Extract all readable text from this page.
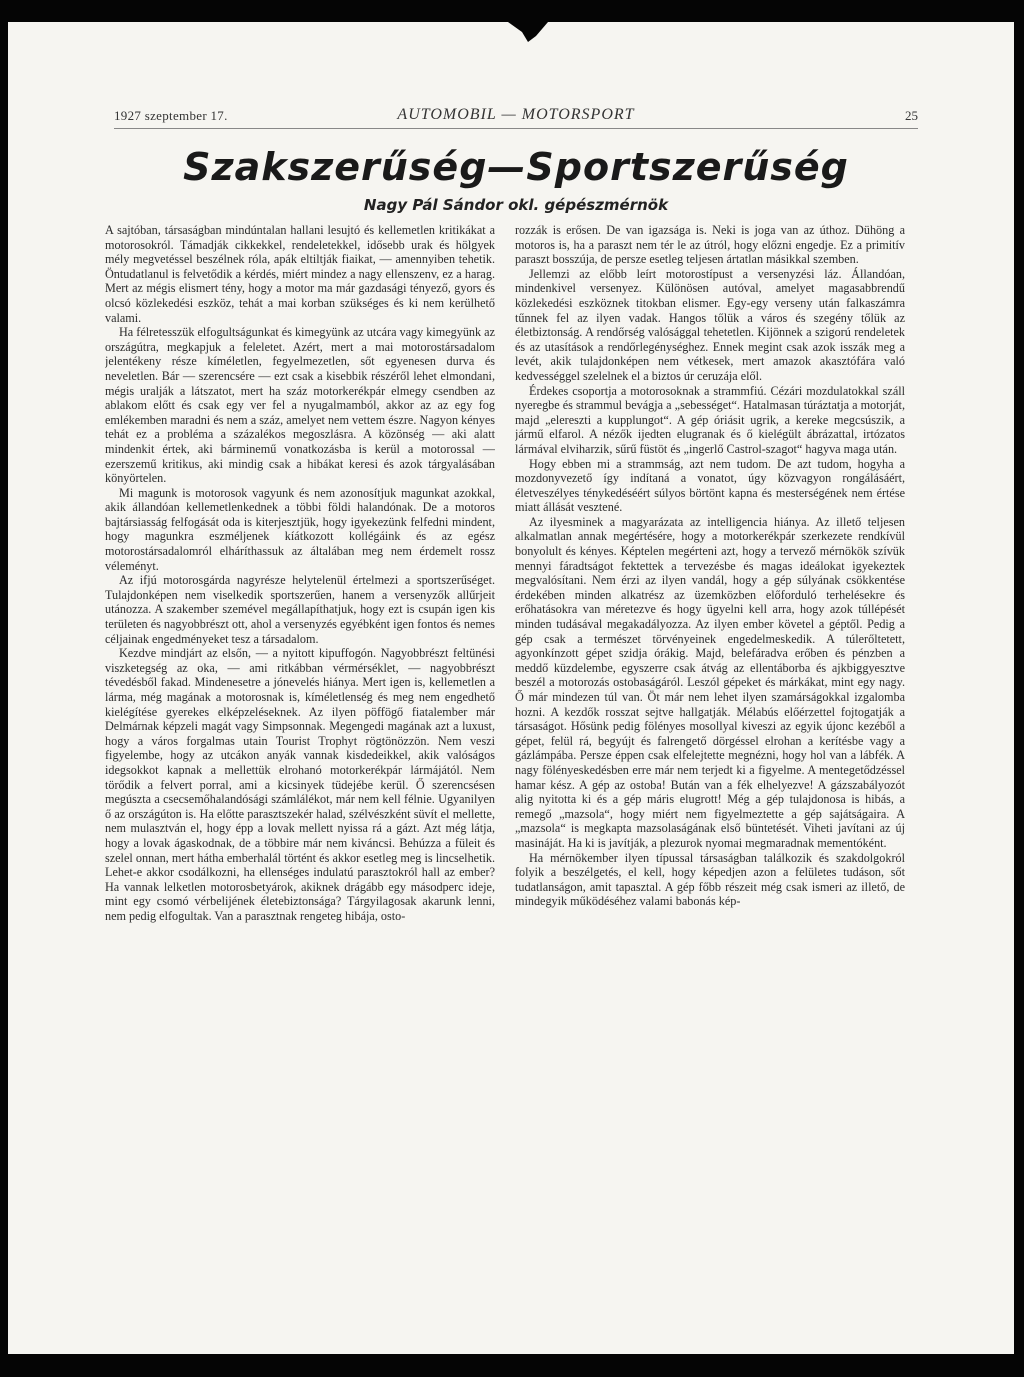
1927 szeptember 17.	AUTOMOBIL — MOTORSPORT	25
Szakszerűség—Sportszerűség
Nagy Pál Sándor okl. gépészmérnök

A sajtóban, társaságban mindúntalan hallani lesujtó és kellemetlen kritikákat a motorosokról. Támadják cikkekkel, rendeletekkel, idősebb urak és hölgyek mély megvetéssel beszélnek róla, apák eltiltják fiaikat, — amennyiben tehetik. Öntudatlanul is felvetődik a kérdés, miért mindez a nagy ellenszenv, ez a harag. Mert az mégis elismert tény, hogy a motor ma már gazdasági tényező, gyors és olcsó közlekedési eszköz, tehát a mai korban szükséges és ki nem kerülhető valami.

Ha félretesszük elfogultságunkat és kimegyünk az utcára vagy kimegyünk az országútra, megkapjuk a feleletet. Azért, mert a mai motorostársadalom jelentékeny része kíméletlen, fegyelmezetlen, sőt egyenesen durva és neveletlen. Bár — szerencsére — ezt csak a kisebbik részéről lehet elmondani, mégis uralják a látszatot, mert ha száz motorkerékpár elmegy csendben az ablakom előtt és csak egy ver fel a nyugalmamból, akkor az az egy fog emlékemben maradni és nem a száz, amelyet nem vettem észre. Nagyon kényes tehát ez a probléma a százalékos megoszlásra. A közönség — aki alatt mindenkit értek, aki bárminemű vonatkozásba is kerül a motorossal — ezerszemű kritikus, aki mindig csak a hibákat keresi és azok tárgyalásában könyörtelen.

Mi magunk is motorosok vagyunk és nem azonosítjuk magunkat azokkal, akik állandóan kellemetlenkednek a többi földi halandónak. De a motoros bajtársiasság felfogását oda is kiterjesztjük, hogy igyekezünk felfedni mindent, hogy magunkra eszméljenek kíátkozott kollégáink és az egész motorostársadalomról elháríthassuk az általában meg nem érdemelt rossz véleményt.

Az ifjú motorosgárda nagyrésze helytelenül értelmezi a sportszerűséget. Tulajdonképen nem viselkedik sportszerűen, hanem a versenyzők allűrjeit utánozza. A szakember szemével megállapíthatjuk, hogy ezt is csupán igen kis területen és nagyobbrészt ott, ahol a versenyzés egyébként igen fontos és nemes céljainak engedményeket tesz a társadalom.

Kezdve mindjárt az elsőn, — a nyitott kipuffogón. Nagyobbrészt feltünési viszketegség az oka, — ami ritkábban vérmérséklet, — nagyobbrészt tévedésből fakad. Mindenesetre a jónevelés hiánya. Mert igen is, kellemetlen a lárma, még magának a motorosnak is, kíméletlenség és meg nem engedhető kielégítése gyerekes elképzeléseknek. Az ilyen pöffögő fiatalember már Delmárnak képzeli magát vagy Simpsonnak. Megengedi magának azt a luxust, hogy a város forgalmas utain Tourist Trophyt rögtönözzön. Nem veszi figyelembe, hogy az utcákon anyák vannak kisdedeikkel, akik valóságos idegsokkot kapnak a mellettük elrohanó motorkerékpár lármájától. Nem törődik a felvert porral, ami a kicsinyek tüdejébe kerül. Ő szerencsésen megúszta a csecsemőhalandósági számlálékot, már nem kell félnie. Ugyanilyen ő az országúton is. Ha előtte parasztszekér halad, szélvészként süvít el mellette, nem mulasztván el, hogy épp a lovak mellett nyissa rá a gázt. Azt még látja, hogy a lovak ágaskodnak, de a többire már nem kiváncsi. Behúzza a füleit és szelel onnan, mert hátha emberhalál történt és akkor esetleg meg is lincselhetik. Lehet-e akkor csodálkozni, ha ellenséges indulatú parasztokról hall az ember? Ha vannak lelketlen motorosbetyárok, akiknek drágább egy másodperc ideje, mint egy csomó vérbelijének életebiztonsága? Tárgyilagosak akarunk lenni, nem pedig elfogultak. Van a parasztnak rengeteg hibája, osto-

rozzák is erősen. De van igazsága is. Neki is joga van az úthoz. Dühöng a motoros is, ha a paraszt nem tér le az útról, hogy előzni engedje. Ez a primitív paraszt bosszúja, de persze esetleg teljesen ártatlan másikkal szemben.

Jellemzi az előbb leírt motorostípust a versenyzési láz. Állandóan, mindenkivel versenyez. Különösen autóval, amelyet magasabbrendű közlekedési eszköznek titokban elismer. Egy-egy verseny után falkaszámra tűnnek fel az ilyen vadak. Hangos tőlük a város és szegény tőlük az életbiztonság. A rendőrség valósággal tehetetlen. Kijönnek a szigorú rendeletek és az utasítások a rendőrlegénységhez. Ennek megint csak azok isszák meg a levét, akik tulajdonképen nem vétkesek, mert amazok akasztófára való kedvességgel szelelnek el a biztos úr ceruzája elől.

Érdekes csoportja a motorosoknak a strammfiú. Cézári mozdulatokkal száll nyeregbe és strammul bevágja a „sebességet“. Hatalmasan túráztatja a motorját, majd „elereszti a kupplungot“. A gép óriásit ugrik, a kereke megcsúszik, a jármű elfarol. A nézők ijedten elugranak és ő kielégült ábrázattal, irtózatos lármával elviharzik, sűrű füstöt és „ingerlő Castrol-szagot“ hagyva maga után.

Hogy ebben mi a strammság, azt nem tudom. De azt tudom, hogyha a mozdonyvezető így indítaná a vonatot, úgy közvagyon rongálásáért, életveszélyes ténykedéséért súlyos börtönt kapna és mesterségének nem értése miatt állását vesztené.

Az ilyesminek a magyarázata az intelligencia hiánya. Az illető teljesen alkalmatlan annak megértésére, hogy a motorkerékpár szerkezete rendkívül bonyolult és kényes. Képtelen megérteni azt, hogy a tervező mérnökök szívük mennyi fáradtságot fektettek a tervezésbe és magas ideálokat igyekeztek megvalósítani. Nem érzi az ilyen vandál, hogy a gép súlyának csökkentése érdekében minden alkatrész az üzemközben előforduló terhelésekre és erőhatásokra van méretezve és hogy ügyelni kell arra, hogy azok túllépését minden tudásával megakadályozza. Az ilyen ember követel a géptől. Pedig a gép csak a természet törvényeinek engedelmeskedik. A túlerőltetett, agyonkínzott gépet szidja órákig. Majd, belefáradva erőben és pénzben a meddő küzdelembe, egyszerre csak átvág az ellentáborba és ajkbiggyesztve beszél a motorozás ostobaságáról. Leszól gépeket és márkákat, mint egy nagy. Ő már mindezen túl van. Öt már nem lehet ilyen szamárságokkal izgalomba hozni. A kezdők rosszat sejtve hallgatják. Mélabús előérzettel fojtogatják a társaságot. Hősünk pedig fölényes mosollyal kiveszi az egyik újonc kezéből a gépet, felül rá, begyújt és falrengető dörgéssel elrohan a kerítésbe vagy a gázlámpába. Persze éppen csak elfelejtette megnézni, hogy hol van a lábfék. A nagy fölényeskedésben erre már nem terjedt ki a figyelme. A mentegetődzéssel hamar kész. A gép az ostoba! Bután van a fék elhelyezve! A gázszabályozót alig nyitotta ki és a gép máris elugrott! Még a gép tulajdonosa is hibás, a remegő „mazsola“, hogy miért nem figyelmeztette a gép sajátságaira. A „mazsola“ is megkapta mazsolaságának első büntetését. Viheti javítani az új masináját. Ha ki is javítják, a plezurok nyomai megmaradnak mementóként.

Ha mérnökember ilyen típussal társaságban találkozik és szakdolgokról folyik a beszélgetés, el kell, hogy képedjen azon a felületes tudáson, sőt tudatlanságon, amit tapasztal. A gép főbb részeit még csak ismeri az illető, de mindegyik működéséhez valami babonás kép-
